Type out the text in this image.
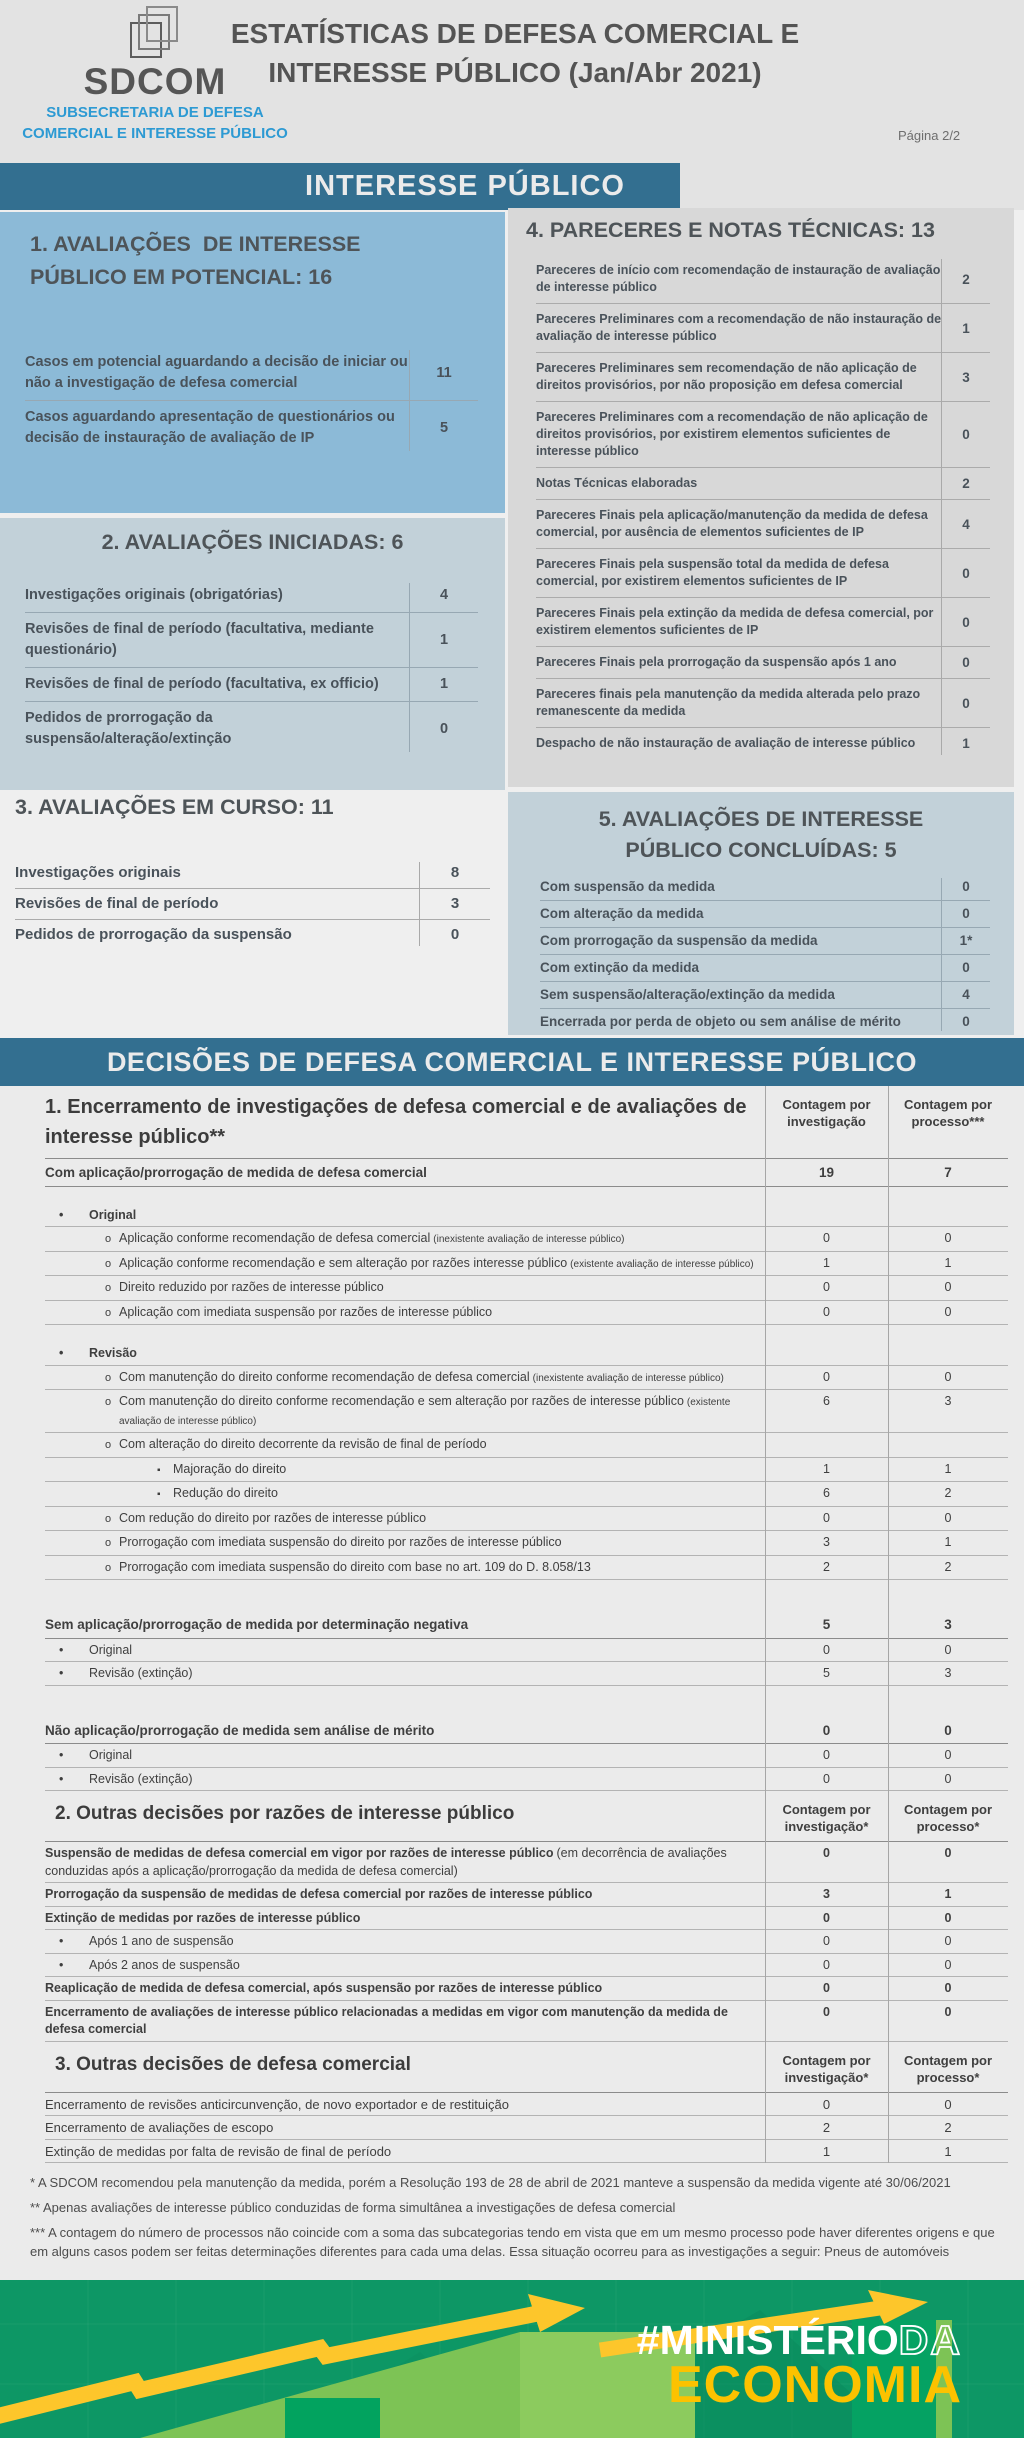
SDCOM
SUBSECRETARIA DE DEFESA
COMERCIAL E INTERESSE PÚBLICO
ESTATÍSTICAS DE DEFESA COMERCIAL E
INTERESSE PÚBLICO (Jan/Abr 2021)
Página 2/2
INTERESSE PÚBLICO
1. AVALIAÇÕES  DE INTERESSE
PÚBLICO EM POTENCIAL: 16
Casos em potencial aguardando a decisão de iniciar ou não a investigação de defesa comercial
11
Casos aguardando apresentação de questionários ou decisão de instauração de avaliação de IP
5
2. AVALIAÇÕES INICIADAS: 6
Investigações originais (obrigatórias)	4
Revisões de final de período (facultativa, mediante questionário)
1
Revisões de final de período (facultativa, ex officio)	1
Pedidos de prorrogação da suspensão/alteração/extinção
0
3. AVALIAÇÕES EM CURSO: 11
Investigações originais	8
Revisões de final de período	3
Pedidos de prorrogação da suspensão	0
4. PARECERES E NOTAS TÉCNICAS: 13
Pareceres de início com recomendação de instauração de avaliação de interesse público
2
Pareceres Preliminares com a recomendação de não instauração de avaliação de interesse público
1
Pareceres Preliminares sem recomendação de não aplicação de direitos provisórios, por não proposição em defesa comercial
3
Pareceres Preliminares com a recomendação de não aplicação de direitos provisórios, por existirem elementos suficientes de interesse público
0
Notas Técnicas elaboradas	2
Pareceres Finais pela aplicação/manutenção da medida de defesa comercial, por ausência de elementos suficientes de IP
4
Pareceres Finais pela suspensão total da medida de defesa comercial, por existirem elementos suficientes de IP
0
Pareceres Finais pela extinção da medida de defesa comercial, por existirem elementos suficientes de IP
0
Pareceres Finais pela prorrogação da suspensão após 1 ano	0
Pareceres finais pela manutenção da medida alterada pelo prazo remanescente da medida
0
Despacho de não instauração de avaliação de interesse público	1
5. AVALIAÇÕES DE INTERESSE
PÚBLICO CONCLUÍDAS: 5
Com suspensão da medida	0
Com alteração da medida	0
Com prorrogação da suspensão da medida	1*
Com extinção da medida	0
Sem suspensão/alteração/extinção da medida	4
Encerrada por perda de objeto ou sem análise de mérito	0
DECISÕES DE DEFESA COMERCIAL E INTERESSE PÚBLICO
1. Encerramento de investigações de defesa comercial e de avaliações de interesse público**
Contagem por investigação
Contagem por processo***
Com aplicação/prorrogação de medida de defesa comercial	19	7
•
Original
o
Aplicação conforme recomendação de defesa comercial (inexistente avaliação de interesse público)	0	0
o
Aplicação conforme recomendação e sem alteração por razões interesse público (existente avaliação de interesse público)	1	1
o
Direito reduzido por razões de interesse público	0	0
o
Aplicação com imediata suspensão por razões de interesse público	0	0
•
Revisão
o
Com manutenção do direito conforme recomendação de defesa comercial (inexistente avaliação de interesse público)	0	0
o
Com manutenção do direito conforme recomendação e sem alteração por razões de interesse público (existente avaliação de interesse público)
6	3
o
Com alteração do direito decorrente da revisão de final de período
▪
Majoração do direito	1	1
▪
Redução do direito	6	2
o
Com redução do direito por razões de interesse público	0	0
o
Prorrogação com imediata suspensão do direito por razões de interesse público	3	1
o
Prorrogação com imediata suspensão do direito com base no art. 109 do D. 8.058/13	2	2
Sem aplicação/prorrogação de medida por determinação negativa	5	3
•
Original	0	0
•
Revisão (extinção)	5	3
Não aplicação/prorrogação de medida sem análise de mérito	0	0
•
Original	0	0
•
Revisão (extinção)	0	0
2. Outras decisões por razões de interesse público	Contagem por investigação*
Contagem por processo*
Suspensão de medidas de defesa comercial em vigor por razões de interesse público (em decorrência de avaliações conduzidas após a aplicação/prorrogação da medida de defesa comercial)
0	0
Prorrogação da suspensão de medidas de defesa comercial por razões de interesse público	3	1
Extinção de medidas por razões de interesse público	0	0
•
Após 1 ano de suspensão	0	0
•
Após 2 anos de suspensão	0	0
Reaplicação de medida de defesa comercial, após suspensão por razões de interesse público	0	0
Encerramento de avaliações de interesse público relacionadas a medidas em vigor com manutenção da medida de defesa comercial
0	0
3. Outras decisões de defesa comercial	Contagem por investigação*
Contagem por processo*
Encerramento de revisões anticircunvenção, de novo exportador e de restituição	0	0
Encerramento de avaliações de escopo	2	2
Extinção de medidas por falta de revisão de final de período	1	1

* A SDCOM recomendou pela manutenção da medida, porém a Resolução 193 de 28 de abril de 2021 manteve a suspensão da medida vigente até 30/06/2021

** Apenas avaliações de interesse público conduzidas de forma simultânea a investigações de defesa comercial

*** A contagem do número de processos não coincide com a soma das subcategorias tendo em vista que em um mesmo processo pode haver diferentes origens e que em alguns casos podem ser feitas determinações diferentes para cada uma delas. Essa situação ocorreu para as investigações a seguir: Pneus de automóveis

#MINISTÉRIODA
ECONOMIA
